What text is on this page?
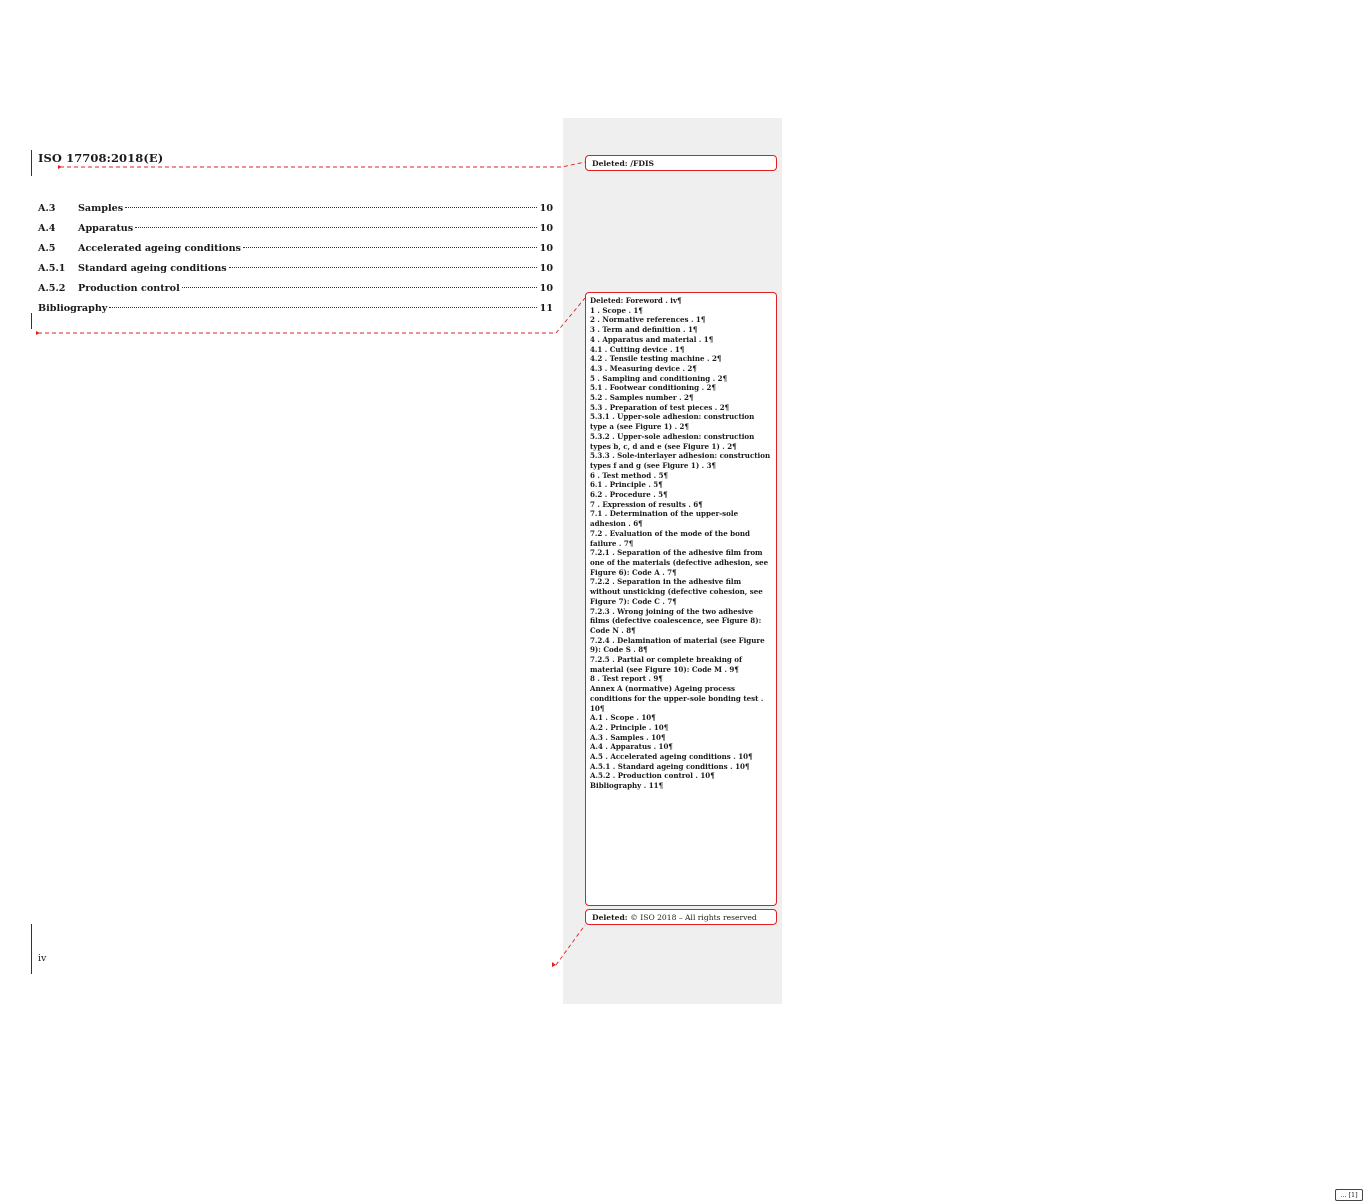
ISO 17708:2018(E)
A.3	Samples	10
A.4	Apparatus	10
A.5	Accelerated ageing conditions	10
A.5.1	Standard ageing conditions	10
A.5.2	Production control	10
Bibliography	11
iv
Deleted: /FDIS
Deleted: Foreword . iv¶
1 . Scope . 1¶
2 . Normative references . 1¶
3 . Term and definition . 1¶
4 . Apparatus and material . 1¶
4.1 . Cutting device . 1¶
4.2 . Tensile testing machine . 2¶
4.3 . Measuring device . 2¶
5 . Sampling and conditioning . 2¶
5.1 . Footwear conditioning . 2¶
5.2 . Samples number . 2¶
5.3 . Preparation of test pieces . 2¶
5.3.1 . Upper-sole adhesion: construction type a (see Figure 1) . 2¶
5.3.2 . Upper-sole adhesion: construction types b, c, d and e (see Figure 1) . 2¶
5.3.3 . Sole-interlayer adhesion: construction types f and g (see Figure 1) . 3¶
6 . Test method . 5¶
6.1 . Principle . 5¶
6.2 . Procedure . 5¶
7 . Expression of results . 6¶
7.1 . Determination of the upper-sole adhesion . 6¶
7.2 . Evaluation of the mode of the bond failure . 7¶
7.2.1 . Separation of the adhesive film from one of the materials (defective adhesion, see Figure 6): Code A . 7¶
7.2.2 . Separation in the adhesive film without unsticking (defective cohesion, see Figure 7): Code C . 7¶
7.2.3 . Wrong joining of the two adhesive films (defective coalescence, see Figure 8): Code N . 8¶
7.2.4 . Delamination of material (see Figure 9): Code S . 8¶
7.2.5 . Partial or complete breaking of material (see Figure 10): Code M . 9¶
8 . Test report . 9¶
Annex A (normative) Ageing process conditions for the upper-sole bonding test . 10¶
A.1 . Scope . 10¶
A.2 . Principle . 10¶
A.3 . Samples . 10¶
A.4 . Apparatus . 10¶
A.5 . Accelerated ageing conditions . 10¶
A.5.1 . Standard ageing conditions . 10¶
A.5.2 . Production control . 10¶
Bibliography . 11¶
... [1]
Deleted: © ISO 2018 – All rights reserved
